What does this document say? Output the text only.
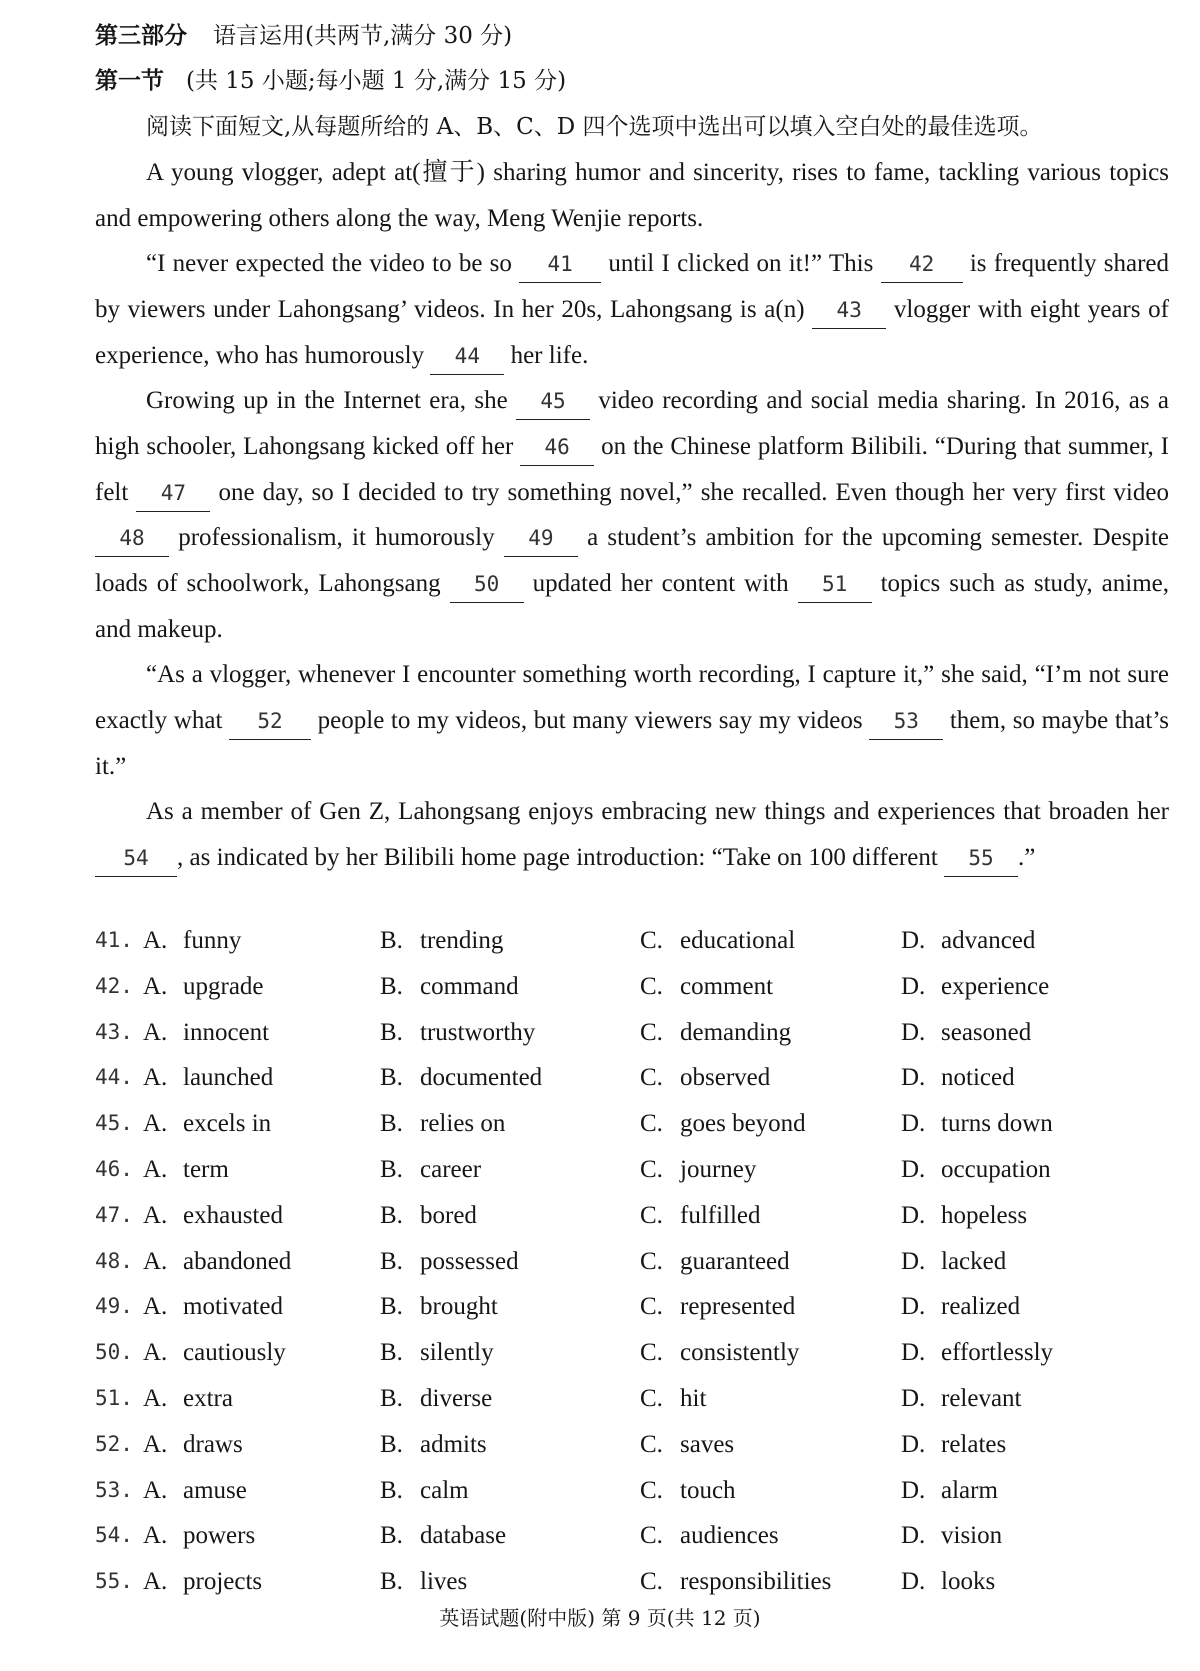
第三部分 语言运用(共两节,满分 30 分)
第一节 (共 15 小题;每小题 1 分,满分 15 分)
阅读下面短文,从每题所给的 A、B、C、D 四个选项中选出可以填入空白处的最佳选项。

A young vlogger, adept at(擅于) sharing humor and sincerity, rises to fame, tackling various topics and empowering others along the way, Meng Wenjie reports.

“I never expected the video to be so 41 until I clicked on it!” This 42 is frequently shared by viewers under Lahongsang’ videos. In her 20s, Lahongsang is a(n) 43 vlogger with eight years of experience, who has humorously 44 her life.

Growing up in the Internet era, she 45 video recording and social media sharing. In 2016, as a high schooler, Lahongsang kicked off her 46 on the Chinese platform Bilibili. “During that summer, I felt 47 one day, so I decided to try something novel,” she recalled. Even though her very first video 48 professionalism, it humorously 49 a student’s ambition for the upcoming semester. Despite loads of schoolwork, Lahongsang 50 updated her content with 51 topics such as study, anime, and makeup.

“As a vlogger, whenever I encounter something worth recording, I capture it,” she said, “I’m not sure exactly what 52 people to my videos, but many viewers say my videos 53 them, so maybe that’s it.”

As a member of Gen Z, Lahongsang enjoys embracing new things and experiences that broaden her 54 , as indicated by her Bilibili home page introduction: “Take on 100 different 55 .”

41. A. funny	B. trending	C. educational	D. advanced
42. A. upgrade	B. command	C. comment	D. experience
43. A. innocent	B. trustworthy	C. demanding	D. seasoned
44. A. launched	B. documented	C. observed	D. noticed
45. A. excels in	B. relies on	C. goes beyond	D. turns down
46. A. term	B. career	C. journey	D. occupation
47. A. exhausted	B. bored	C. fulfilled	D. hopeless
48. A. abandoned	B. possessed	C. guaranteed	D. lacked
49. A. motivated	B. brought	C. represented	D. realized
50. A. cautiously	B. silently	C. consistently	D. effortlessly
51. A. extra	B. diverse	C. hit	D. relevant
52. A. draws	B. admits	C. saves	D. relates
53. A. amuse	B. calm	C. touch	D. alarm
54. A. powers	B. database	C. audiences	D. vision
55. A. projects	B. lives	C. responsibilities	D. looks
英语试题(附中版) 第 9 页(共 12 页)
